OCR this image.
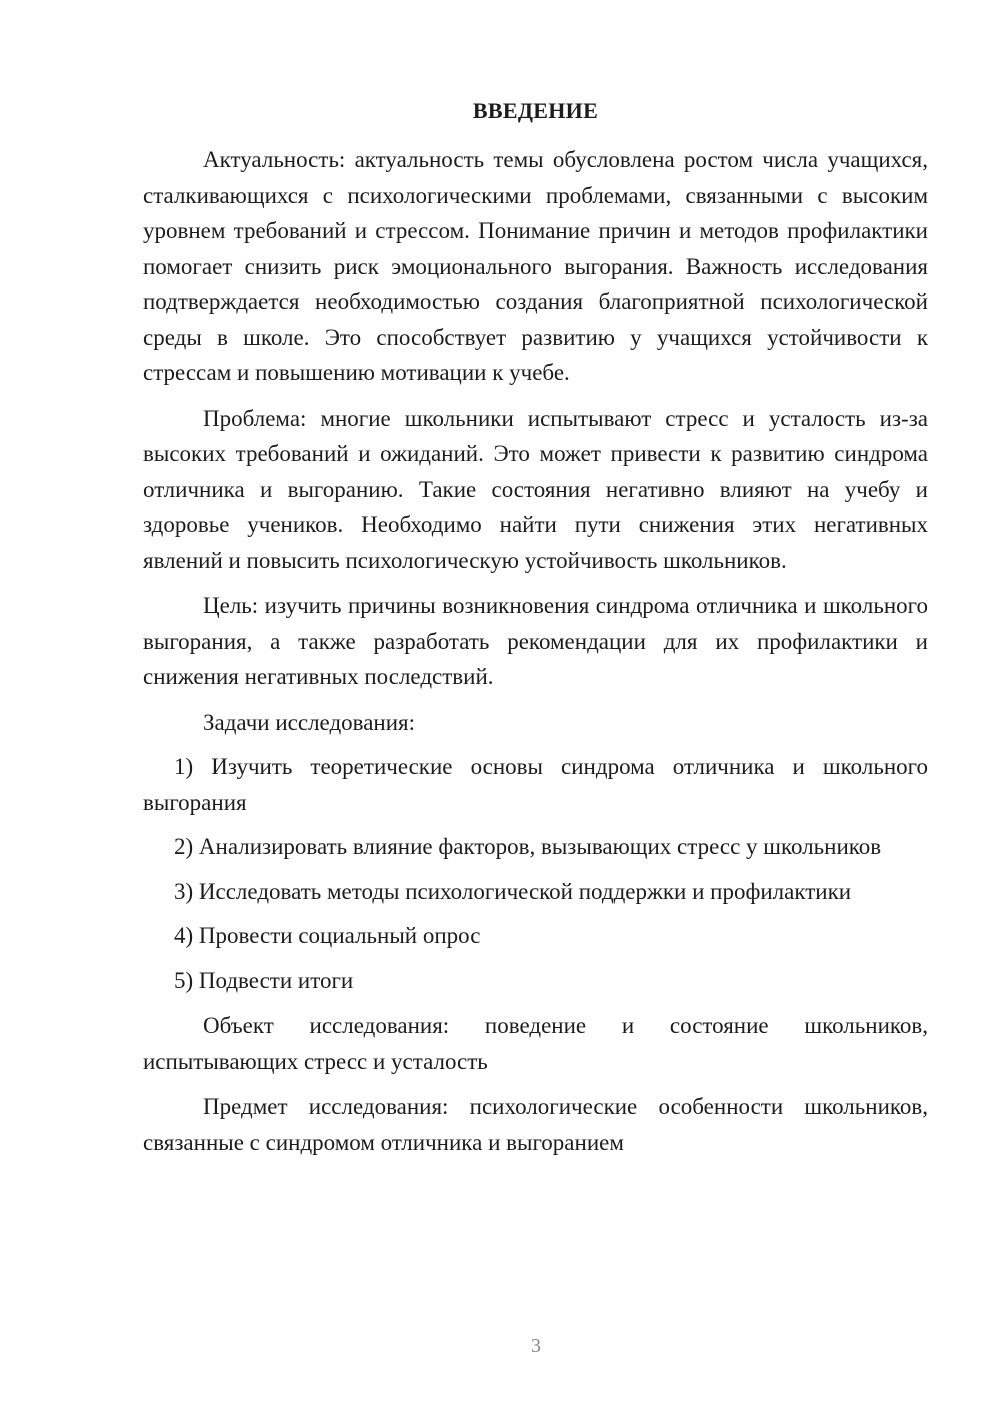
ВВЕДЕНИЕ

Актуальность: актуальность темы обусловлена ростом числа учащихся, сталкивающихся с психологическими проблемами, связанными с высоким уровнем требований и стрессом. Понимание причин и методов профилактики помогает снизить риск эмоционального выгорания. Важность исследования подтверждается необходимостью создания благоприятной психологической среды в школе. Это способствует развитию у учащихся устойчивости к стрессам и повышению мотивации к учебе.

Проблема: многие школьники испытывают стресс и усталость из-за высоких требований и ожиданий. Это может привести к развитию синдрома отличника и выгоранию. Такие состояния негативно влияют на учебу и здоровье учеников. Необходимо найти пути снижения этих негативных явлений и повысить психологическую устойчивость школьников.

Цель: изучить причины возникновения синдрома отличника и школьного выгорания, а также разработать рекомендации для их профилактики и снижения негативных последствий.

Задачи исследования:

1) Изучить теоретические основы синдрома отличника и школьного выгорания
2) Анализировать влияние факторов, вызывающих стресс у школьников
3) Исследовать методы психологической поддержки и профилактики
4) Провести социальный опрос
5) Подвести итоги

Объект исследования: поведение и состояние школьников, испытывающих стресс и усталость

Предмет исследования: психологические особенности школьников, связанные с синдромом отличника и выгоранием

3
